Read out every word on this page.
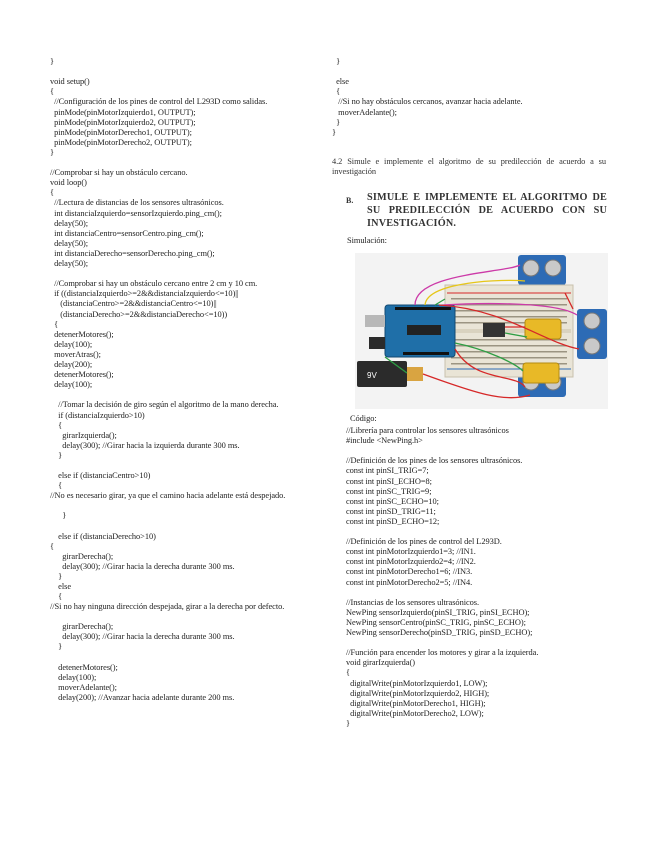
}
void setup()
{
//Configuración de los pines de control del L293D como salidas.
pinMode(pinMotorIzquierdo1, OUTPUT);
pinMode(pinMotorIzquierdo2, OUTPUT);
pinMode(pinMotorDerecho1, OUTPUT);
pinMode(pinMotorDerecho2, OUTPUT);
}
//Comprobar si hay un obstáculo cercano.
void loop()
{
//Lectura de distancias de los sensores ultrasónicos.
int distanciaIzquierdo=sensorIzquierdo.ping_cm();
delay(50);
int distanciaCentro=sensorCentro.ping_cm();
delay(50);
int distanciaDerecho=sensorDerecho.ping_cm();
delay(50);
//Comprobar si hay un obstáculo cercano entre 2 cm y 10 cm.
if ((distanciaIzquierdo>=2&&distanciaIzquierdo<=10)||
(distanciaCentro>=2&&distanciaCentro<=10)||
(distanciaDerecho>=2&&distanciaDerecho<=10))
{
detenerMotores();
delay(100);
moverAtras();
delay(200);
detenerMotores();
delay(100);
//Tomar la decisión de giro según el algoritmo de la mano derecha.
if (distanciaIzquierdo>10)
{
girarIzquierda();
delay(300); //Girar hacia la izquierda durante 300 ms.
}
else if (distanciaCentro>10)
{
//No es necesario girar, ya que el camino hacia adelante está despejado.
}
else if (distanciaDerecho>10)
{
girarDerecha();
delay(300); //Girar hacia la derecha durante 300 ms.
}
else
{
//Si no hay ninguna dirección despejada, girar a la derecha por defecto.
girarDerecha();
delay(300); //Girar hacia la derecha durante 300 ms.
}
detenerMotores();
delay(100);
moverAdelante();
delay(200); //Avanzar hacia adelante durante 200 ms.
}
else
{
//Si no hay obstáculos cercanos, avanzar hacia adelante.
moverAdelante();
}
}
4.2 Simule e implemente el algoritmo de su predilección de acuerdo a su investigación
B. SIMULE E IMPLEMENTE EL ALGORITMO DE SU PREDILECCIÓN DE ACUERDO CON SU INVESTIGACIÓN.
Simulación:
Código:
//Librería para controlar los sensores ultrasónicos
#include <NewPing.h>
//Definición de los pines de los sensores ultrasónicos.
const int pinSI_TRIG=7;
const int pinSI_ECHO=8;
const int pinSC_TRIG=9;
const int pinSC_ECHO=10;
const int pinSD_TRIG=11;
const int pinSD_ECHO=12;
//Definición de los pines de control del L293D.
const int pinMotorIzquierdo1=3; //IN1.
const int pinMotorIzquierdo2=4; //IN2.
const int pinMotorDerecho1=6; //IN3.
const int pinMotorDerecho2=5; //IN4.
//Instancias de los sensores ultrasónicos.
NewPing sensorIzquierdo(pinSI_TRIG, pinSI_ECHO);
NewPing sensorCentro(pinSC_TRIG, pinSC_ECHO);
NewPing sensorDerecho(pinSD_TRIG, pinSD_ECHO);
//Función para encender los motores y girar a la izquierda.
void girarIzquierda()
{
digitalWrite(pinMotorIzquierdo1, LOW);
digitalWrite(pinMotorIzquierdo2, HIGH);
digitalWrite(pinMotorDerecho1, HIGH);
digitalWrite(pinMotorDerecho2, LOW);
}
9V
